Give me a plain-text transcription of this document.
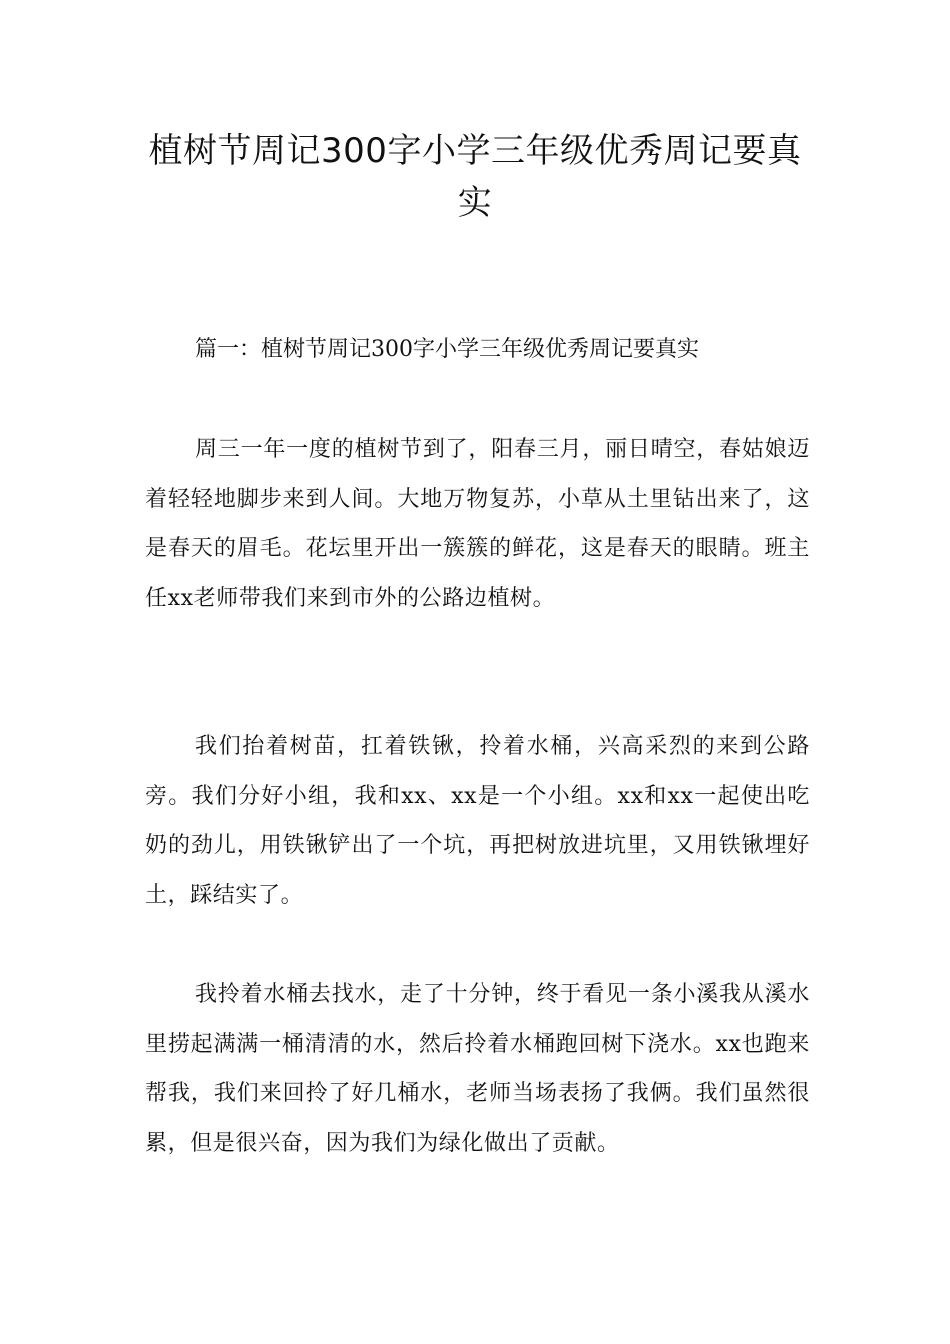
植树节周记300字小学三年级优秀周记要真实

篇一：植树节周记300字小学三年级优秀周记要真实

周三一年一度的植树节到了，阳春三月，丽日晴空，春姑娘迈着轻轻地脚步来到人间。大地万物复苏，小草从土里钻出来了，这是春天的眉毛。花坛里开出一簇簇的鲜花，这是春天的眼睛。班主任xx老师带我们来到市外的公路边植树。

我们抬着树苗，扛着铁锹，拎着水桶，兴高采烈的来到公路旁。我们分好小组，我和xx、xx是一个小组。xx和xx一起使出吃奶的劲儿，用铁锹铲出了一个坑，再把树放进坑里，又用铁锹埋好土，踩结实了。

我拎着水桶去找水，走了十分钟，终于看见一条小溪我从溪水里捞起满满一桶清清的水，然后拎着水桶跑回树下浇水。xx也跑来帮我，我们来回拎了好几桶水，老师当场表扬了我俩。我们虽然很累，但是很兴奋，因为我们为绿化做出了贡献。
